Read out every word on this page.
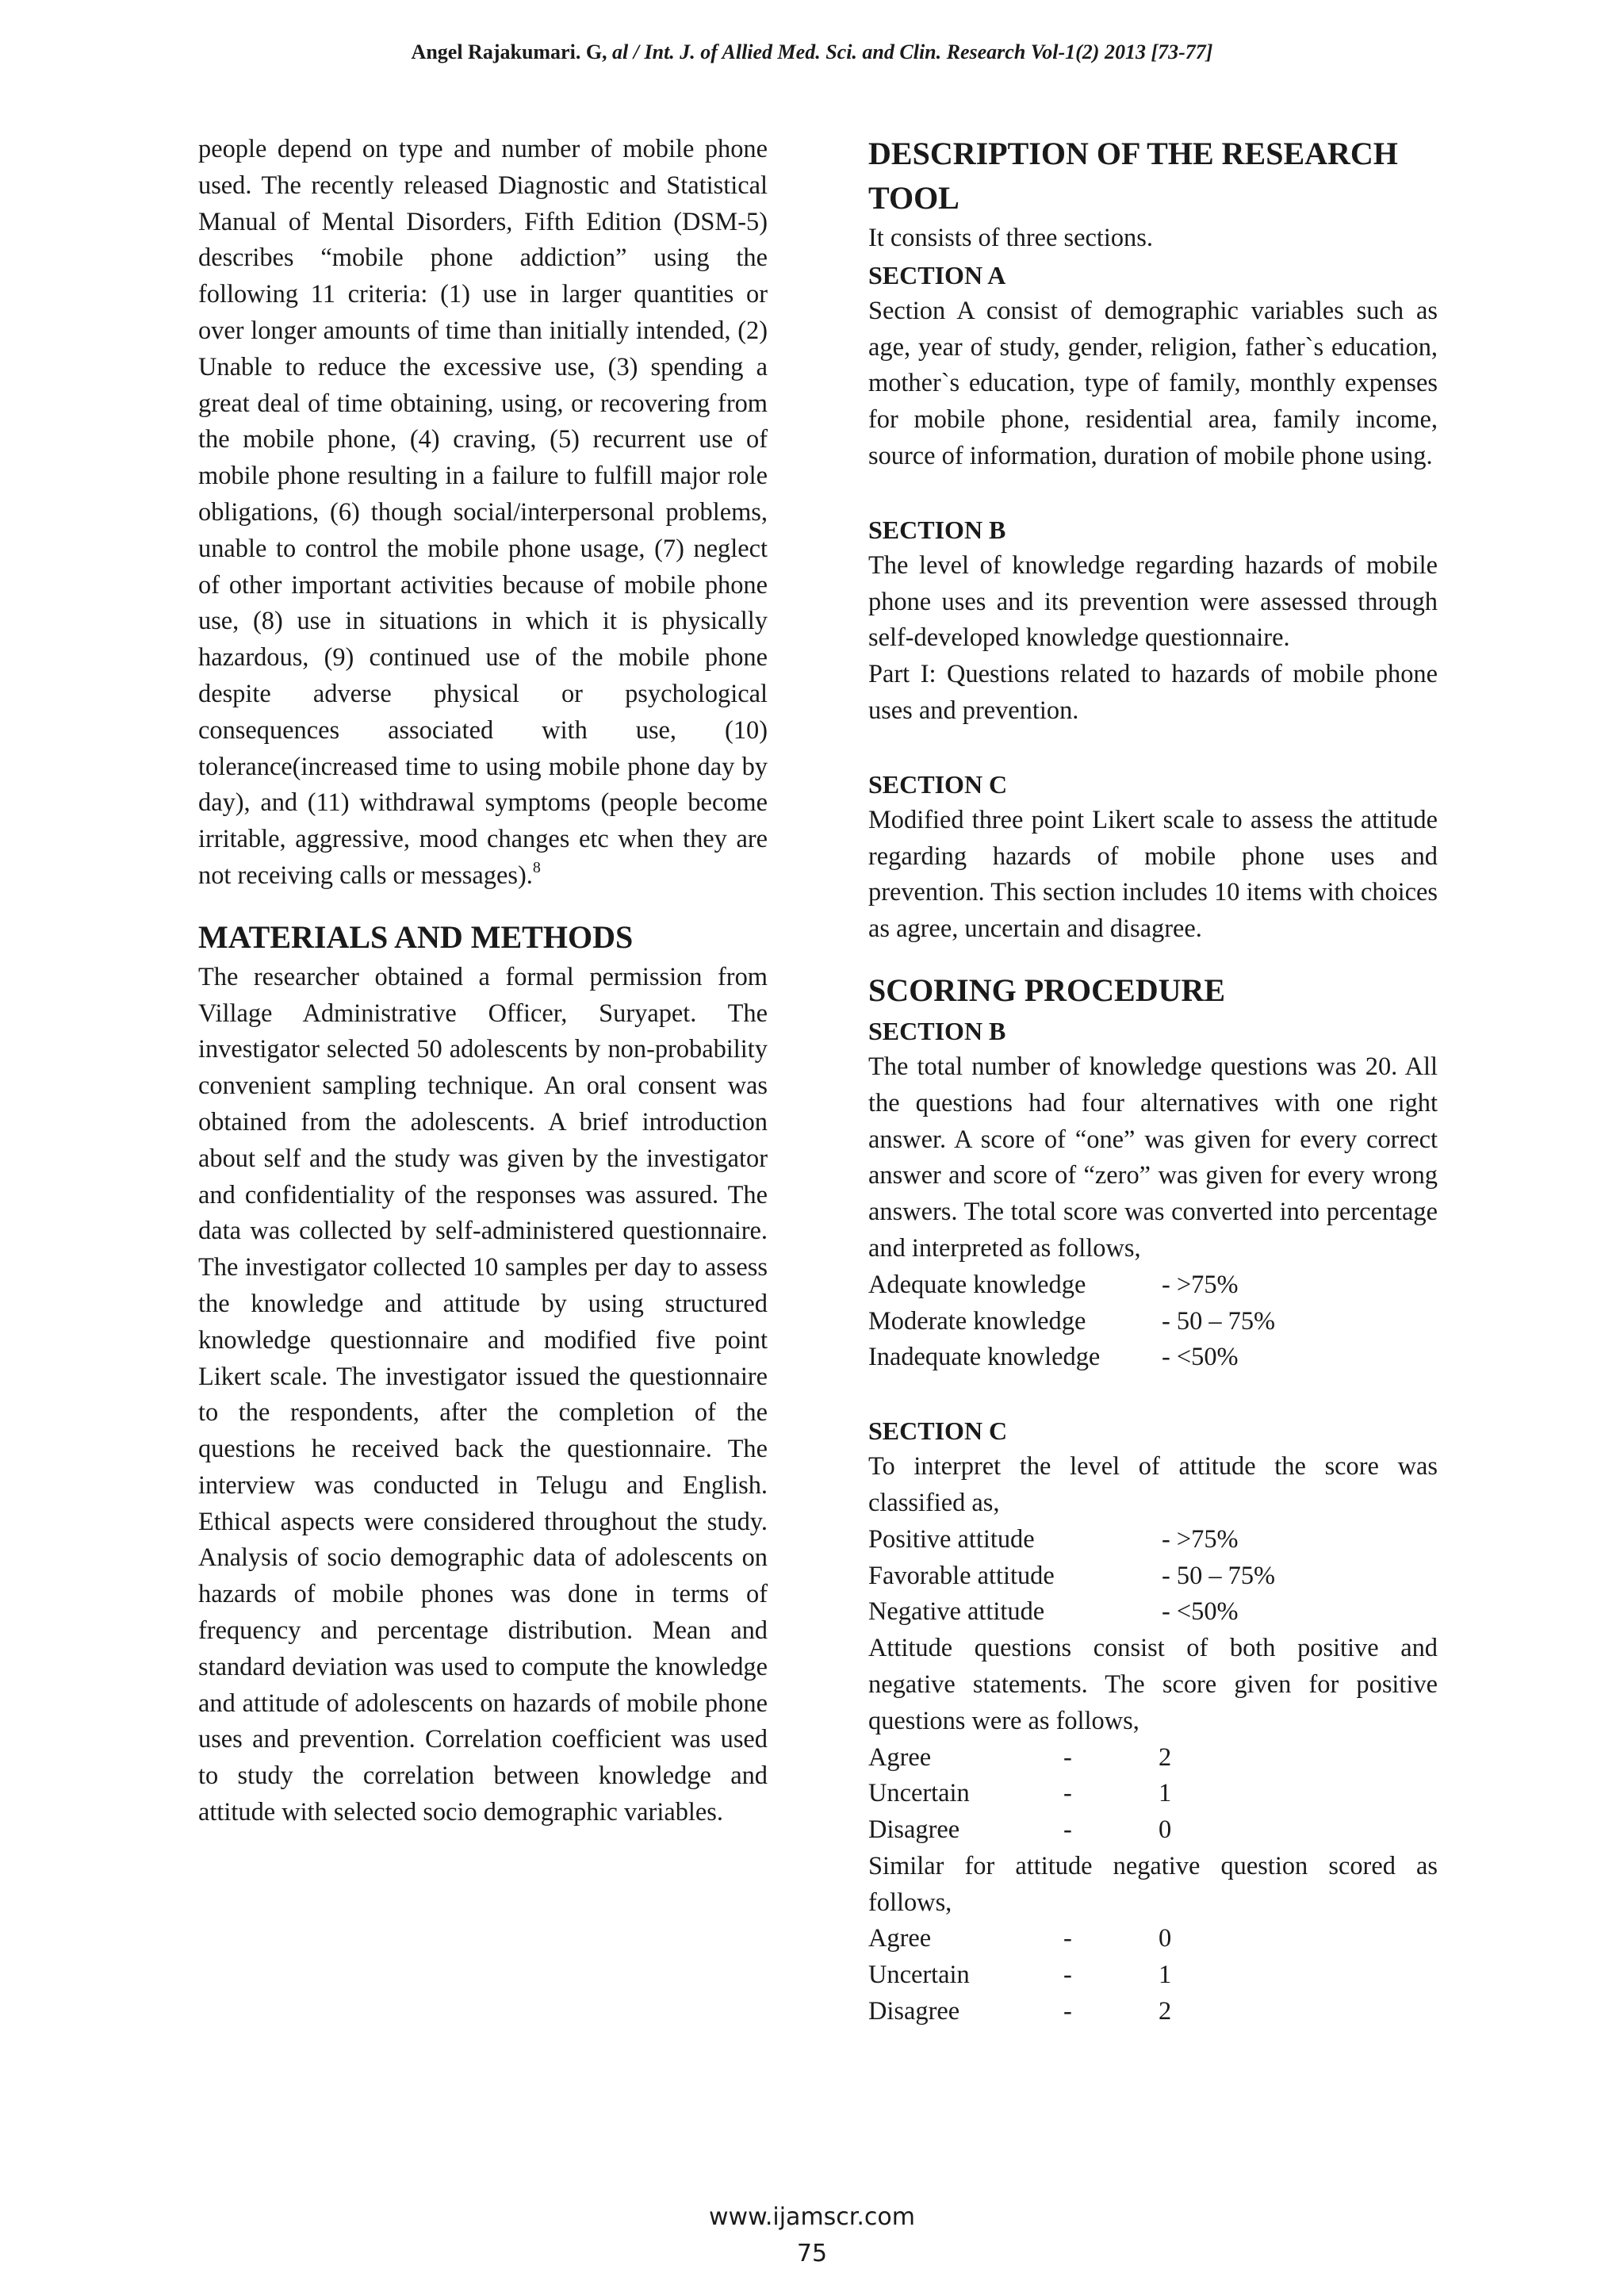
Angel Rajakumari. G, al / Int. J. of Allied Med. Sci. and Clin. Research Vol-1(2) 2013 [73-77]

people depend on type and number of mobile phone used. The recently released Diagnostic and Statistical Manual of Mental Disorders, Fifth Edition (DSM-5) describes “mobile phone addiction” using the following 11 criteria: (1) use in larger quantities or over longer amounts of time than initially intended, (2) Unable to reduce the excessive use, (3) spending a great deal of time obtaining, using, or recovering from the mobile phone, (4) craving, (5) recurrent use of mobile phone resulting in a failure to fulfill major role obligations, (6) though social/interpersonal problems, unable to control the mobile phone usage, (7) neglect of other important activities because of mobile phone use, (8) use in situations in which it is physically hazardous, (9) continued use of the mobile phone despite adverse physical or psychological consequences associated with use, (10) tolerance(increased time to using mobile phone day by day), and (11) withdrawal symptoms (people become irritable, aggressive, mood changes etc when they are not receiving calls or messages).$^8$

MATERIALS AND METHODS

The researcher obtained a formal permission from Village Administrative Officer, Suryapet. The investigator selected 50 adolescents by non-probability convenient sampling technique. An oral consent was obtained from the adolescents. A brief introduction about self and the study was given by the investigator and confidentiality of the responses was assured. The data was collected by self-administered questionnaire. The investigator collected 10 samples per day to assess the knowledge and attitude by using structured knowledge questionnaire and modified five point Likert scale. The investigator issued the questionnaire to the respondents, after the completion of the questions he received back the questionnaire. The interview was conducted in Telugu and English. Ethical aspects were considered throughout the study. Analysis of socio demographic data of adolescents on hazards of mobile phones was done in terms of frequency and percentage distribution. Mean and standard deviation was used to compute the knowledge and attitude of adolescents on hazards of mobile phone uses and prevention. Correlation coefficient was used to study the correlation between knowledge and attitude with selected socio demographic variables.

DESCRIPTION OF THE RESEARCH TOOL

It consists of three sections.

SECTION A

Section A consist of demographic variables such as age, year of study, gender, religion, father`s education, mother`s education, type of family, monthly expenses for mobile phone, residential area, family income, source of information, duration of mobile phone using.

SECTION B

The level of knowledge regarding hazards of mobile phone uses and its prevention were assessed through self-developed knowledge questionnaire.

Part I: Questions related to hazards of mobile phone uses and prevention.

SECTION C

Modified three point Likert scale to assess the attitude regarding hazards of mobile phone uses and prevention. This section includes 10 items with choices as agree, uncertain and disagree.

SCORING PROCEDURE
SECTION B

The total number of knowledge questions was 20. All the questions had four alternatives with one right answer. A score of “one” was given for every correct answer and score of “zero” was given for every wrong answers. The total score was converted into percentage and interpreted as follows,

Adequate knowledge	- >75%
Moderate knowledge	- 50 – 75%
Inadequate knowledge	- <50%
SECTION C

To interpret the level of attitude the score was classified as,

Positive attitude	- >75%
Favorable attitude	- 50 – 75%
Negative attitude	- <50%

Attitude questions consist of both positive and negative statements. The score given for positive questions were as follows,

Agree	-	2
Uncertain	-	1
Disagree	-	0

Similar for attitude negative question scored as follows,

Agree	-	0
Uncertain	-	1
Disagree	-	2
www.ijamscr.com
75
